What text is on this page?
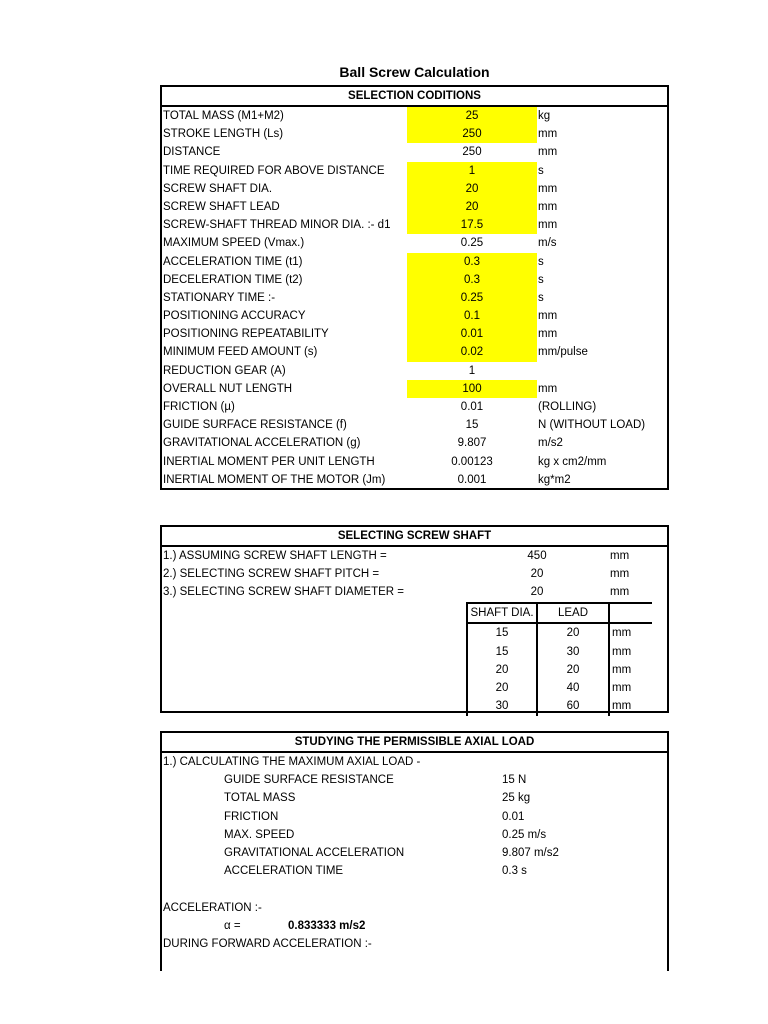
Ball Screw Calculation
SELECTION CODITIONS
TOTAL MASS (M1+M2)	25	kg
STROKE LENGTH (Ls)	250	mm
DISTANCE	250	mm
TIME REQUIRED FOR ABOVE DISTANCE	1	s
SCREW SHAFT DIA.	20	mm
SCREW SHAFT LEAD	20	mm
SCREW-SHAFT THREAD MINOR DIA. :- d1	17.5	mm
MAXIMUM SPEED (Vmax.)	0.25	m/s
ACCELERATION TIME (t1)	0.3	s
DECELERATION TIME (t2)	0.3	s
STATIONARY TIME :-	0.25	s
POSITIONING ACCURACY	0.1	mm
POSITIONING REPEATABILITY	0.01	mm
MINIMUM FEED AMOUNT (s)	0.02	mm/pulse
REDUCTION GEAR (A)	1
OVERALL NUT LENGTH	100	mm
FRICTION (µ)	0.01	(ROLLING)
GUIDE SURFACE RESISTANCE (f)	15	N (WITHOUT LOAD)
GRAVITATIONAL ACCELERATION (g)	9.807	m/s2
INERTIAL MOMENT PER UNIT LENGTH	0.00123	kg x cm2/mm
INERTIAL MOMENT OF THE MOTOR (Jm)	0.001	kg*m2
SELECTING SCREW SHAFT
1.) ASSUMING SCREW SHAFT LENGTH =	450	mm
2.) SELECTING SCREW SHAFT PITCH =	20	mm
3.) SELECTING SCREW SHAFT DIAMETER =	20	mm
SHAFT DIA.	LEAD
15	20	mm
15	30	mm
20	20	mm
20	40	mm
30	60	mm
STUDYING THE PERMISSIBLE AXIAL LOAD
1.) CALCULATING THE MAXIMUM AXIAL LOAD -
GUIDE SURFACE RESISTANCE	15 N
TOTAL MASS	25 kg
FRICTION	0.01
MAX. SPEED	0.25 m/s
GRAVITATIONAL ACCELERATION	9.807 m/s2
ACCELERATION TIME	0.3 s
ACCELERATION :-
α =	0.833333 m/s2
DURING FORWARD ACCELERATION :-
